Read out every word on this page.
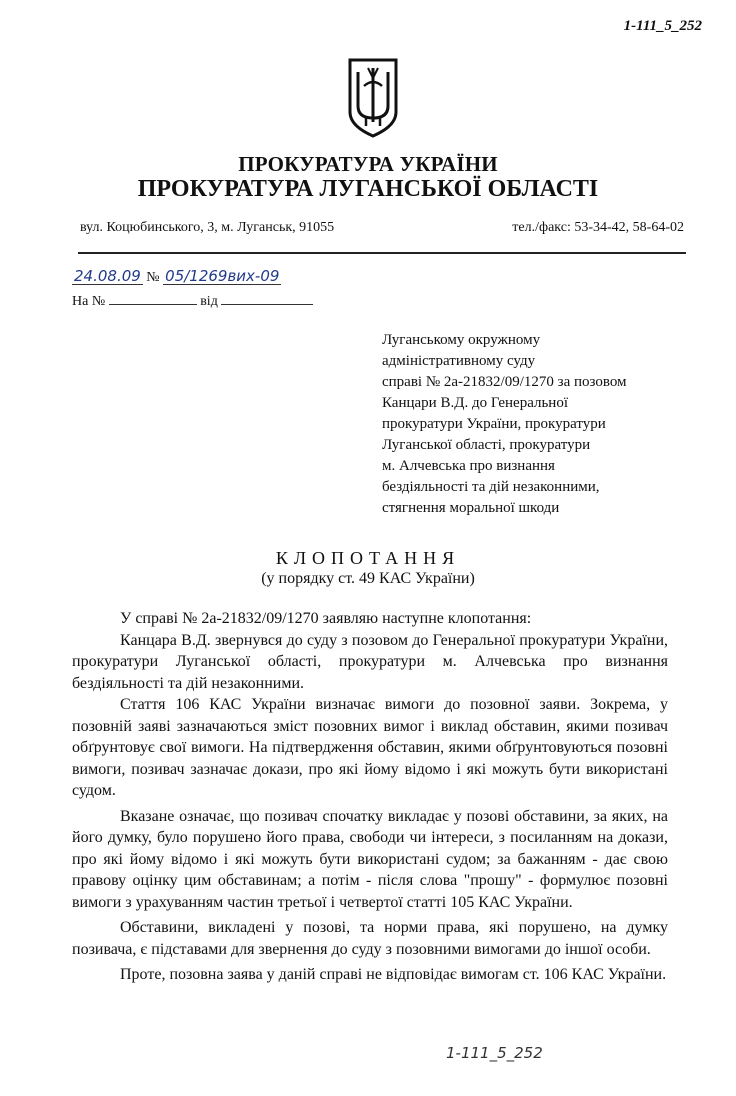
1-111_5_252
ПРОКУРАТУРА УКРАЇНИ
ПРОКУРАТУРА ЛУГАНСЬКОЇ ОБЛАСТІ
вул. Коцюбинського, 3, м. Луганськ, 91055	тел./факс: 53-34-42, 58-64-02
24.08.09 № 05/1269вих-09
На №	від
Луганському окружному
адміністративному суду
справі № 2а-21832/09/1270 за позовом
Канцари В.Д. до Генеральної
прокуратури України, прокуратури
Луганської області, прокуратури
м. Алчевська про визнання
бездіяльності та дій незаконними,
стягнення моральної шкоди
КЛОПОТАННЯ
(у порядку ст. 49 КАС України)

У справі № 2а-21832/09/1270 заявляю наступне клопотання:

Канцара В.Д. звернувся до суду з позовом до Генеральної прокуратури України, прокуратури Луганської області, прокуратури м. Алчевська про визнання бездіяльності та дій незаконними.

Стаття 106 КАС України визначає вимоги до позовної заяви. Зокрема, у позовній заяві зазначаються зміст позовних вимог і виклад обставин, якими позивач обґрунтовує свої вимоги. На підтвердження обставин, якими обґрунтовуються позовні вимоги, позивач зазначає докази, про які йому відомо і які можуть бути використані судом.

Вказане означає, що позивач спочатку викладає у позові обставини, за яких, на його думку, було порушено його права, свободи чи інтереси, з посиланням на докази, про які йому відомо і які можуть бути використані судом; за бажанням - дає свою правову оцінку цим обставинам; а потім - після слова "прошу" - формулює позовні вимоги з урахуванням частин третьої і четвертої статті 105 КАС України.

Обставини, викладені у позові, та норми права, які порушено, на думку позивача, є підставами для звернення до суду з позовними вимогами до іншої особи.

Проте, позовна заява у даній справі не відповідає вимогам ст. 106 КАС України.

1-111_5_252
